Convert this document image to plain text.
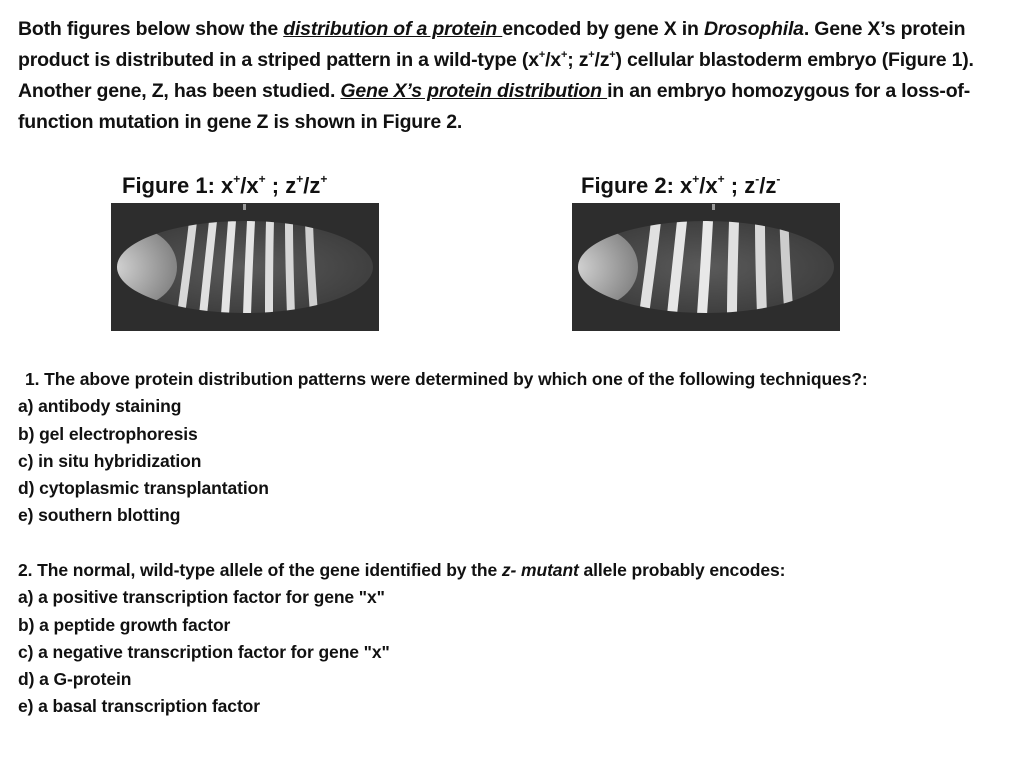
Both figures below show the distribution of a protein encoded by gene X in Drosophila. Gene X’s protein product is distributed in a striped pattern in a wild-type (x+/x+; z+/z+) cellular blastoderm embryo (Figure 1). Another gene, Z, has been studied. Gene X’s protein distribution in an embryo homozygous for a loss-of-function mutation in gene Z is shown in Figure 2.
Figure 1: x+/x+ ; z+/z+	Figure 2: x+/x+ ; z-/z-
1. The above protein distribution patterns were determined by which one of the following techniques?:
a) antibody staining
b) gel electrophoresis
c) in situ hybridization
d) cytoplasmic transplantation
e) southern blotting
2. The normal, wild-type allele of the gene identified by the z- mutant allele probably encodes:
a) a positive transcription factor for gene "x"
b) a peptide growth factor
c) a negative transcription factor for gene "x"
d) a G-protein
e) a basal transcription factor
